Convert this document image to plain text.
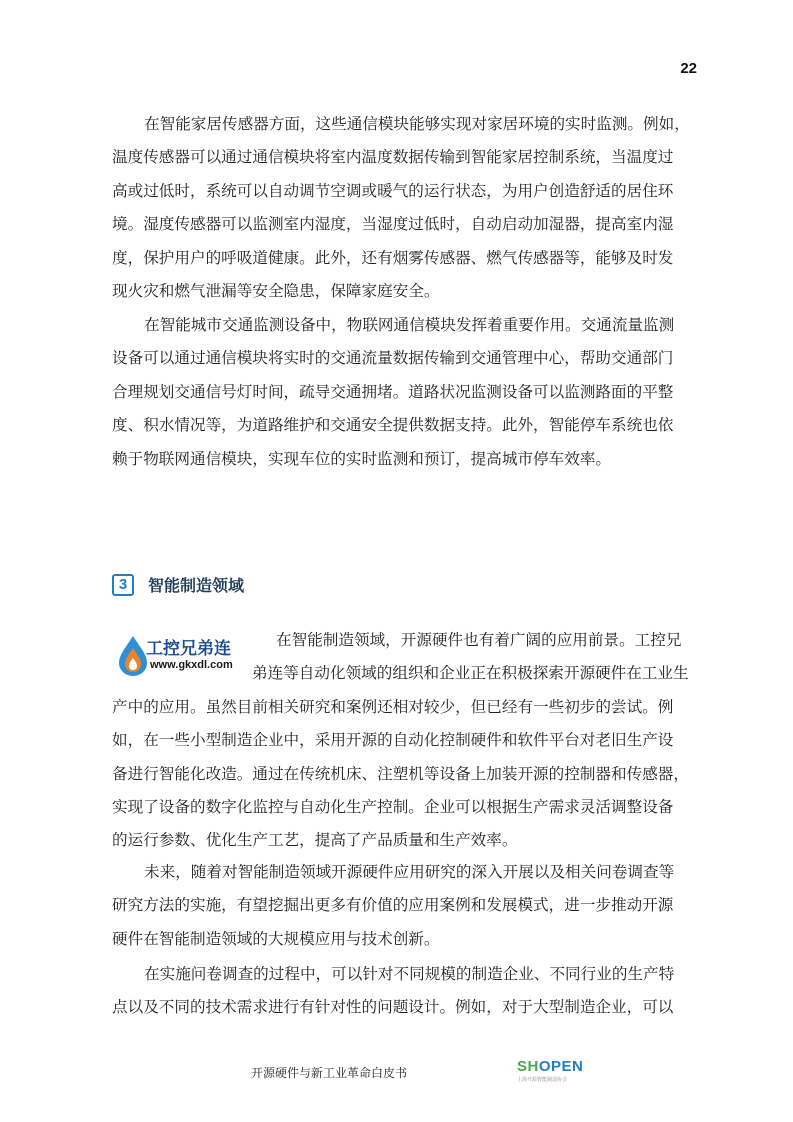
22
在智能家居传感器方面，这些通信模块能够实现对家居环境的实时监测。例如，
温度传感器可以通过通信模块将室内温度数据传输到智能家居控制系统，当温度过
高或过低时，系统可以自动调节空调或暖气的运行状态，为用户创造舒适的居住环
境。湿度传感器可以监测室内湿度，当湿度过低时，自动启动加湿器，提高室内湿
度，保护用户的呼吸道健康。此外，还有烟雾传感器、燃气传感器等，能够及时发
现火灾和燃气泄漏等安全隐患，保障家庭安全。
在智能城市交通监测设备中，物联网通信模块发挥着重要作用。交通流量监测
设备可以通过通信模块将实时的交通流量数据传输到交通管理中心，帮助交通部门
合理规划交通信号灯时间，疏导交通拥堵。道路状况监测设备可以监测路面的平整
度、积水情况等，为道路维护和交通安全提供数据支持。此外，智能停车系统也依
赖于物联网通信模块，实现车位的实时监测和预订，提高城市停车效率。
3	智能制造领域
工控兄弟连
www.gkxdl.com
在智能制造领域，开源硬件也有着广阔的应用前景。工控兄
弟连等自动化领域的组织和企业正在积极探索开源硬件在工业生
产中的应用。虽然目前相关研究和案例还相对较少，但已经有一些初步的尝试。例
如，在一些小型制造企业中，采用开源的自动化控制硬件和软件平台对老旧生产设
备进行智能化改造。通过在传统机床、注塑机等设备上加装开源的控制器和传感器，
实现了设备的数字化监控与自动化生产控制。企业可以根据生产需求灵活调整设备
的运行参数、优化生产工艺，提高了产品质量和生产效率。
未来，随着对智能制造领域开源硬件应用研究的深入开展以及相关问卷调查等
研究方法的实施，有望挖掘出更多有价值的应用案例和发展模式，进一步推动开源
硬件在智能制造领域的大规模应用与技术创新。
在实施问卷调查的过程中，可以针对不同规模的制造企业、不同行业的生产特
点以及不同的技术需求进行有针对性的问题设计。例如，对于大型制造企业，可以
开源硬件与新工业革命白皮书	SHOPEN
上海开源智能制造协会
